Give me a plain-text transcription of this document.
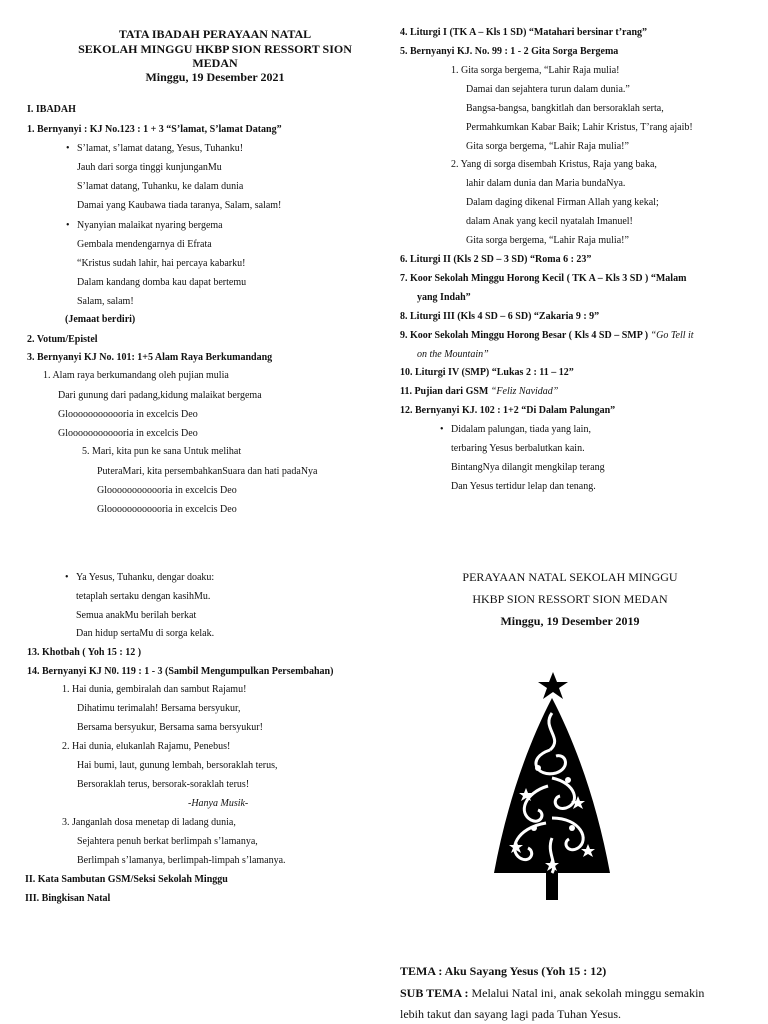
TATA IBADAH PERAYAAN NATAL
SEKOLAH MINGGU HKBP SION RESSORT SION
MEDAN
Minggu, 19 Desember 2021
I. IBADAH
1. Bernyanyi : KJ No.123 : 1 + 3 “S’lamat, S’lamat Datang”
• S’lamat, s’lamat datang, Yesus, Tuhanku!
Jauh dari sorga tinggi kunjunganMu
S’lamat datang, Tuhanku, ke dalam dunia
Damai yang Kaubawa tiada taranya, Salam, salam!
• Nyanyian malaikat nyaring bergema
Gembala mendengarnya di Efrata
“Kristus sudah lahir, hai percaya kabarku!
Dalam kandang domba kau dapat bertemu
Salam, salam!
(Jemaat berdiri)
2. Votum/Epistel
3. Bernyanyi KJ No. 101: 1+5 Alam Raya Berkumandang
1. Alam raya berkumandang oleh pujian mulia
Dari gunung dari padang,kidung malaikat bergema
Gloooooooooooria in excelcis Deo
Gloooooooooooria in excelcis Deo
5. Mari, kita pun ke sana Untuk melihat
PuteraMari, kita persembahkanSuara dan hati padaNya
Gloooooooooooria in excelcis Deo
Gloooooooooooria in excelcis Deo
• Ya Yesus, Tuhanku, dengar doaku:
tetaplah sertaku dengan kasihMu.
Semua anakMu berilah berkat
Dan hidup sertaMu di sorga kelak.
13. Khotbah ( Yoh 15 : 12 )
14. Bernyanyi KJ N0. 119 : 1 - 3 (Sambil Mengumpulkan Persembahan)
1. Hai dunia, gembiralah dan sambut Rajamu!
Dihatimu terimalah! Bersama bersyukur,
Bersama bersyukur, Bersama sama bersyukur!
2. Hai dunia, elukanlah Rajamu, Penebus!
Hai bumi, laut, gunung lembah, bersoraklah terus,
Bersoraklah terus, bersorak-soraklah terus!
-Hanya Musik-
3. Janganlah dosa menetap di ladang dunia,
Sejahtera penuh berkat berlimpah s’lamanya,
Berlimpah s’lamanya, berlimpah-limpah s’lamanya.
II. Kata Sambutan GSM/Seksi Sekolah Minggu
III. Bingkisan Natal
4. Liturgi I (TK A – Kls 1 SD) “Matahari bersinar t’rang”
5. Bernyanyi KJ. No. 99 : 1 - 2 Gita Sorga Bergema
1. Gita sorga bergema, “Lahir Raja mulia!
Damai dan sejahtera turun dalam dunia.”
Bangsa-bangsa, bangkitlah dan bersoraklah serta,
Permahkumkan Kabar Baik; Lahir Kristus, T’rang ajaib!
Gita sorga bergema, “Lahir Raja mulia!”
2. Yang di sorga disembah Kristus, Raja yang baka,
lahir dalam dunia dan Maria bundaNya.
Dalam daging dikenal Firman Allah yang kekal;
dalam Anak yang kecil nyatalah Imanuel!
Gita sorga bergema, “Lahir Raja mulia!”
6. Liturgi II (Kls 2 SD – 3 SD) “Roma 6 : 23”
7. Koor Sekolah Minggu Horong Kecil ( TK A – Kls 3 SD ) “Malam
yang Indah”
8. Liturgi III (Kls 4 SD – 6 SD) “Zakaria 9 : 9”
9. Koor Sekolah Minggu Horong Besar ( Kls 4 SD – SMP ) “Go Tell it
on the Mountain”
10. Liturgi IV (SMP) “Lukas 2 : 11 – 12”
11. Pujian dari GSM “Feliz Navidad”
12. Bernyanyi KJ. 102 : 1+2 “Di Dalam Palungan”
• Didalam palungan, tiada yang lain,
terbaring Yesus berbalutkan kain.
BintangNya dilangit mengkilap terang
Dan Yesus tertidur lelap dan tenang.
PERAYAAN NATAL SEKOLAH MINGGU
HKBP SION RESSORT SION MEDAN
Minggu, 19 Desember 2019
TEMA : Aku Sayang Yesus (Yoh 15 : 12)
SUB TEMA : Melalui Natal ini, anak sekolah minggu semakin
lebih takut dan sayang lagi pada Tuhan Yesus.
